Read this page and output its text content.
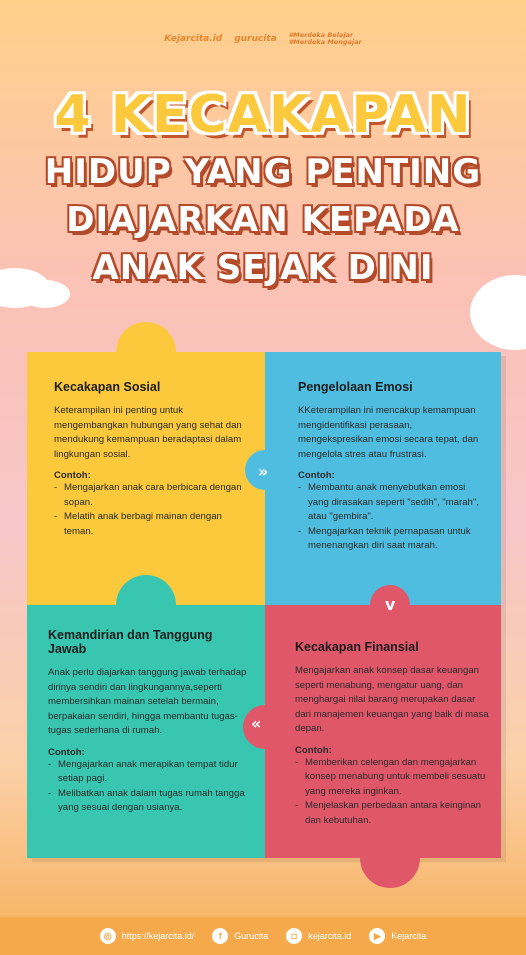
Kejarcita.id gurucita #Merdeka Belajar
#Merdeka Mengajar
4 KECAKAPAN
HIDUP YANG PENTING
DIAJARKAN KEPADA
ANAK SEJAK DINI
»
v
«
Kecakapan Sosial
Keterampilan ini penting untuk mengembangkan hubungan yang sehat dan mendukung kemampuan beradaptasi dalam lingkungan sosial.
Contoh:
- Mengajarkan anak cara berbicara dengan sopan.
- Melatih anak berbagi mainan dengan teman.
Pengelolaan Emosi
KKeterampilan ini mencakup kemampuan mengidentifikasi perasaan, mengekspresikan emosi secara tepat, dan mengelola stres atau frustrasi.
Contoh:
- Membantu anak menyebutkan emosi yang dirasakan seperti "sedih", "marah", atau "gembira".
- Mengajarkan teknik pernapasan untuk menenangkan diri saat marah.
Kemandirian dan Tanggung Jawab
Anak perlu diajarkan tanggung jawab terhadap dirinya sendiri dan lingkungannya,seperti membersihkan mainan setelah bermain, berpakaian sendiri, hingga membantu tugas-tugas sederhana di rumah.
Contoh:
- Mengajarkan anak merapikan tempat tidur setiap pagi.
- Melibatkan anak dalam tugas rumah tangga yang sesuai dengan usianya.
Kecakapan Finansial
Mengajarkan anak konsep dasar keuangan seperti menabung, mengatur uang, dan menghargai nilai barang merupakan dasar dari manajemen keuangan yang baik di masa depan.
Contoh:
- Memberikan celengan dan mengajarkan konsep menabung untuk membeli sesuatu yang mereka inginkan.
- Menjelaskan perbedaan antara keinginan dan kebutuhan.
◎	https://kejarcita.id/	f	Gurucita	◘	kejarcita.id	▶	Kejarcita
